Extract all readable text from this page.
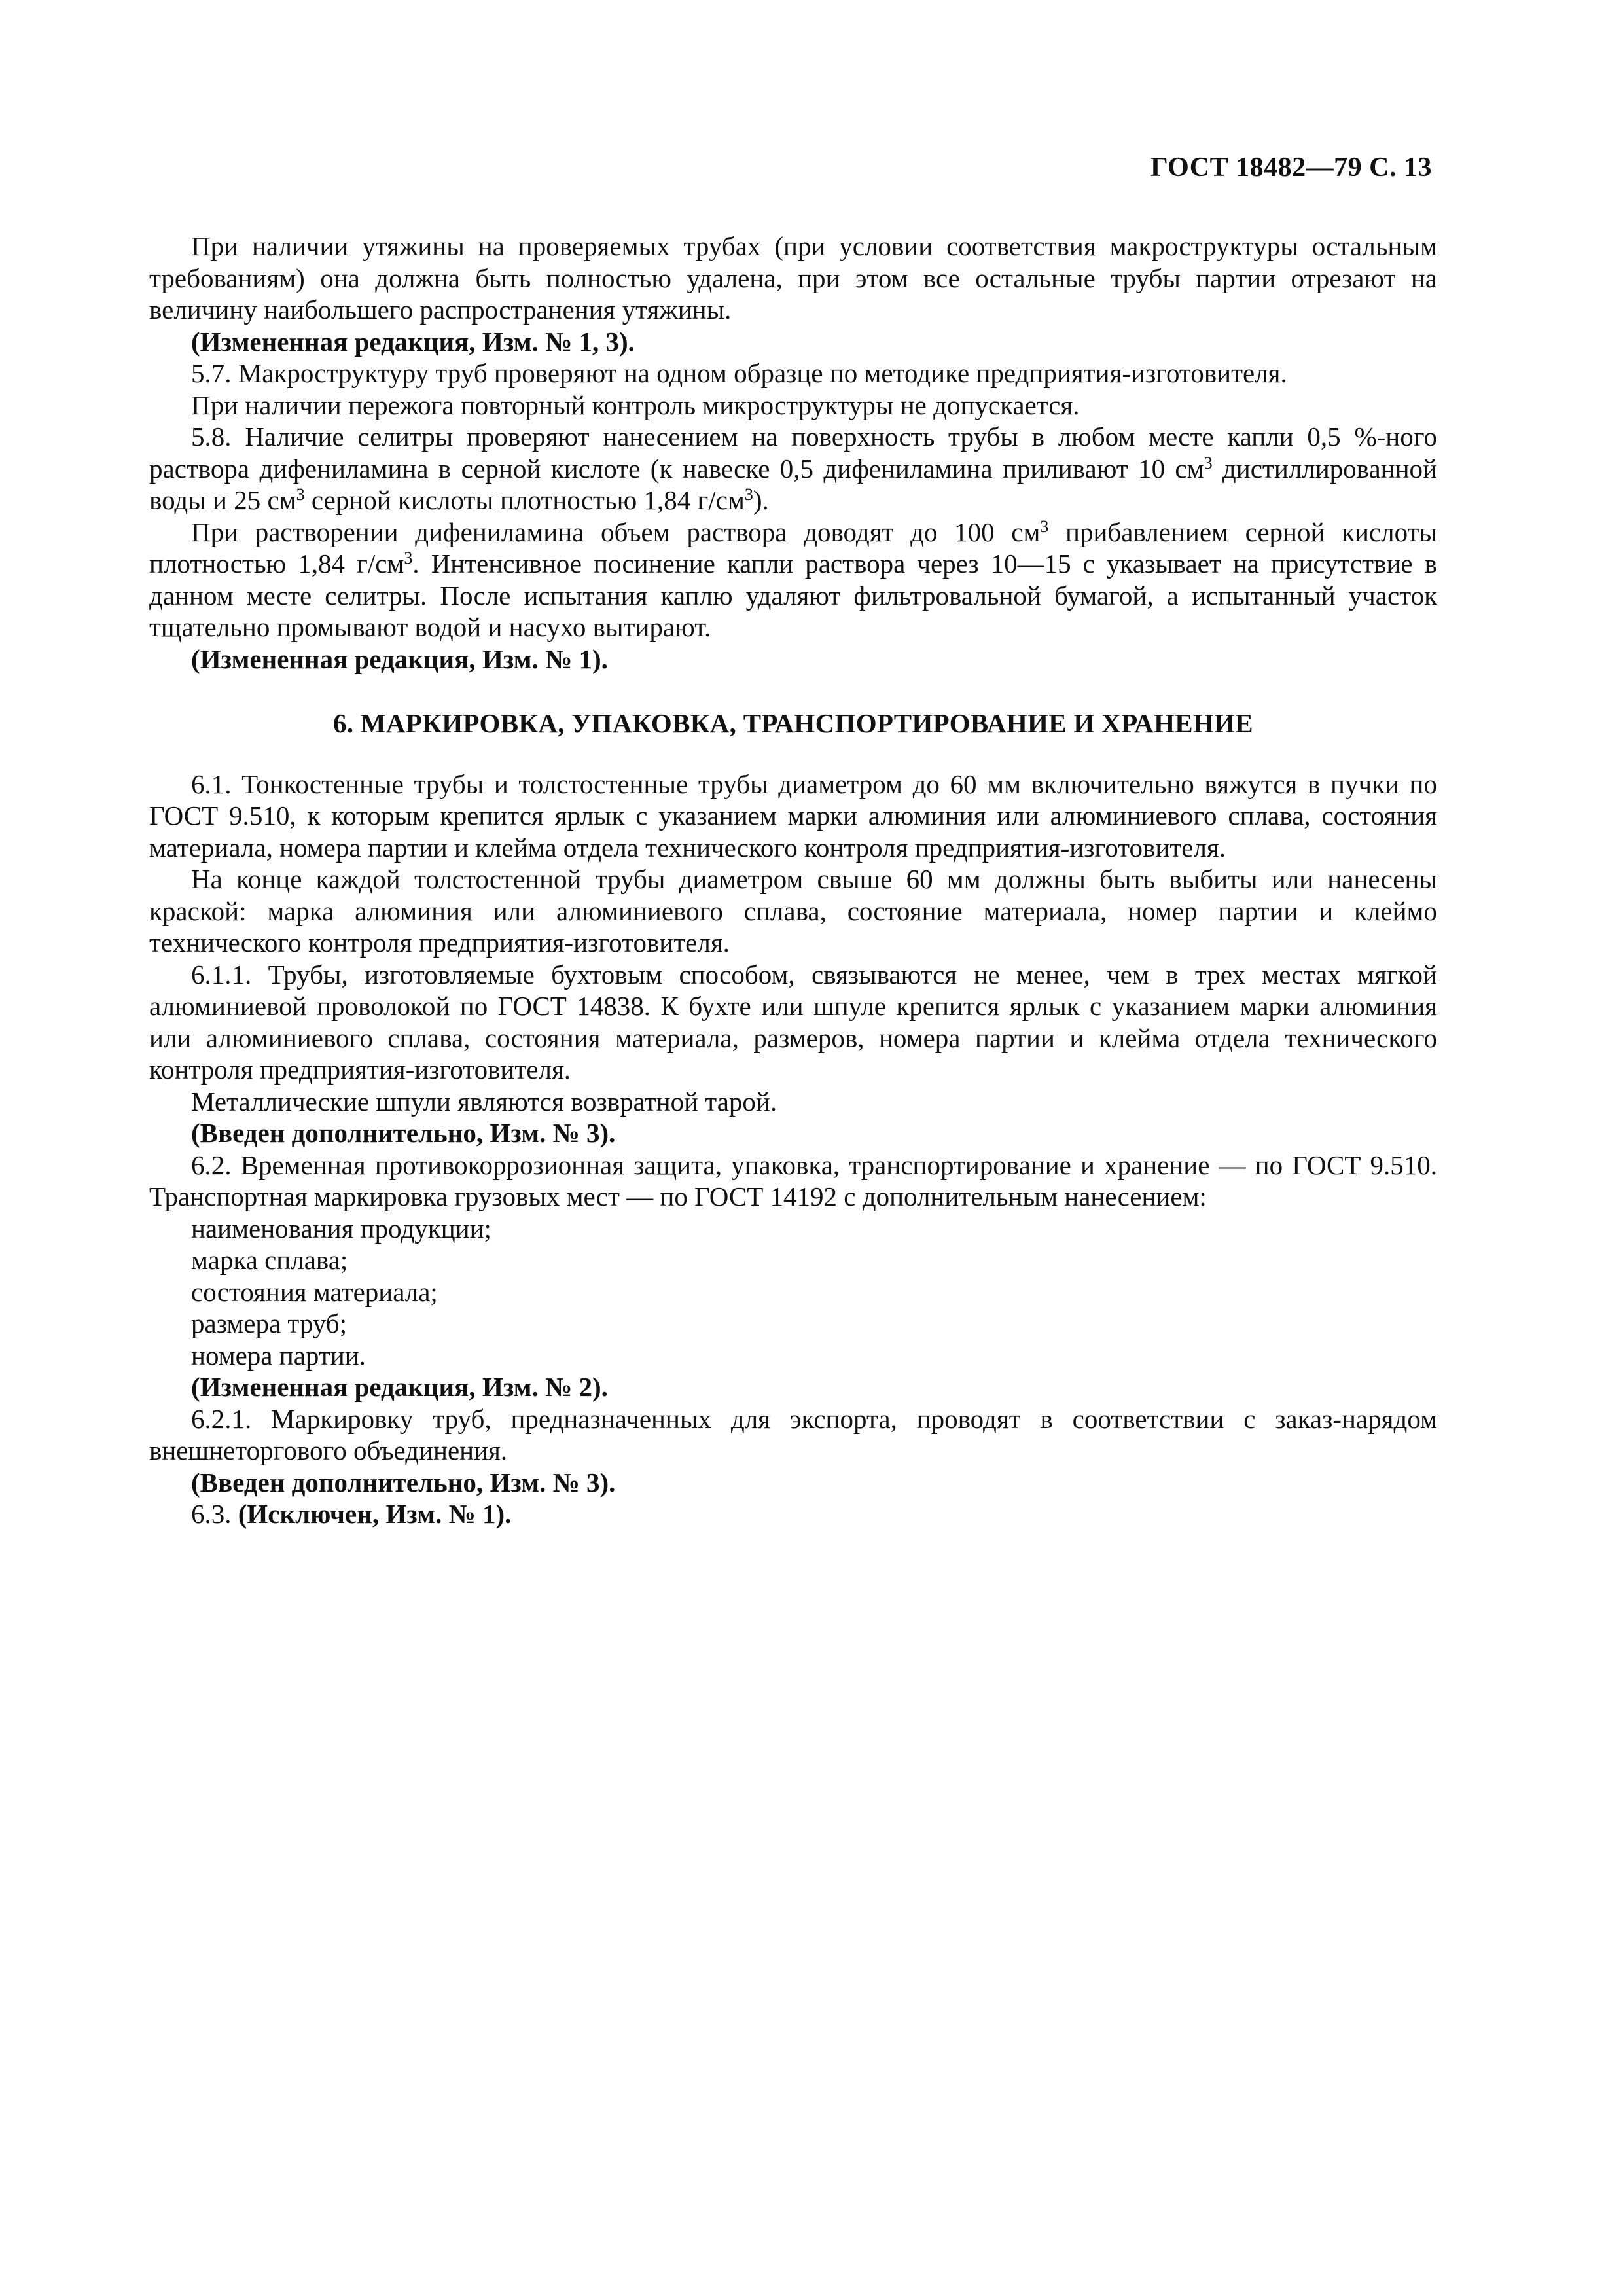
ГОСТ 18482—79 С. 13

При наличии утяжины на проверяемых трубах (при условии соответствия макроструктуры остальным требованиям) она должна быть полностью удалена, при этом все остальные трубы партии отрезают на величину наибольшего распространения утяжины.

(Измененная редакция, Изм. № 1, 3).

5.7. Макроструктуру труб проверяют на одном образце по методике предприятия-изготовителя.

При наличии пережога повторный контроль микроструктуры не допускается.

5.8. Наличие селитры проверяют нанесением на поверхность трубы в любом месте капли 0,5 %-ного раствора дифениламина в серной кислоте (к навеске 0,5 дифениламина приливают 10 $см^3$ дистиллированной воды и 25 $см^3$ серной кислоты плотностью 1,84 $г/см^3$).

При растворении дифениламина объем раствора доводят до 100 $см^3$ прибавлением серной кислоты плотностью 1,84 $г/см^3$. Интенсивное посинение капли раствора через 10—15 с указывает на присутствие в данном месте селитры. После испытания каплю удаляют фильтровальной бумагой, а испытанный участок тщательно промывают водой и насухо вытирают.

(Измененная редакция, Изм. № 1).

6. МАРКИРОВКА, УПАКОВКА, ТРАНСПОРТИРОВАНИЕ И ХРАНЕНИЕ

6.1. Тонкостенные трубы и толстостенные трубы диаметром до 60 мм включительно вяжутся в пучки по ГОСТ 9.510, к которым крепится ярлык с указанием марки алюминия или алюминиевого сплава, состояния материала, номера партии и клейма отдела технического контроля предприятия-изготовителя.

На конце каждой толстостенной трубы диаметром свыше 60 мм должны быть выбиты или нанесены краской: марка алюминия или алюминиевого сплава, состояние материала, номер партии и клеймо технического контроля предприятия-изготовителя.

6.1.1. Трубы, изготовляемые бухтовым способом, связываются не менее, чем в трех местах мягкой алюминиевой проволокой по ГОСТ 14838. К бухте или шпуле крепится ярлык с указанием марки алюминия или алюминиевого сплава, состояния материала, размеров, номера партии и клейма отдела технического контроля предприятия-изготовителя.

Металлические шпули являются возвратной тарой.

(Введен дополнительно, Изм. № 3).

6.2. Временная противокоррозионная защита, упаковка, транспортирование и хранение — по ГОСТ 9.510. Транспортная маркировка грузовых мест — по ГОСТ 14192 с дополнительным нанесением:

наименования продукции;

марка сплава;

состояния материала;

размера труб;

номера партии.

(Измененная редакция, Изм. № 2).

6.2.1. Маркировку труб, предназначенных для экспорта, проводят в соответствии с заказ-нарядом внешнеторгового объединения.

(Введен дополнительно, Изм. № 3).

6.3. (Исключен, Изм. № 1).
